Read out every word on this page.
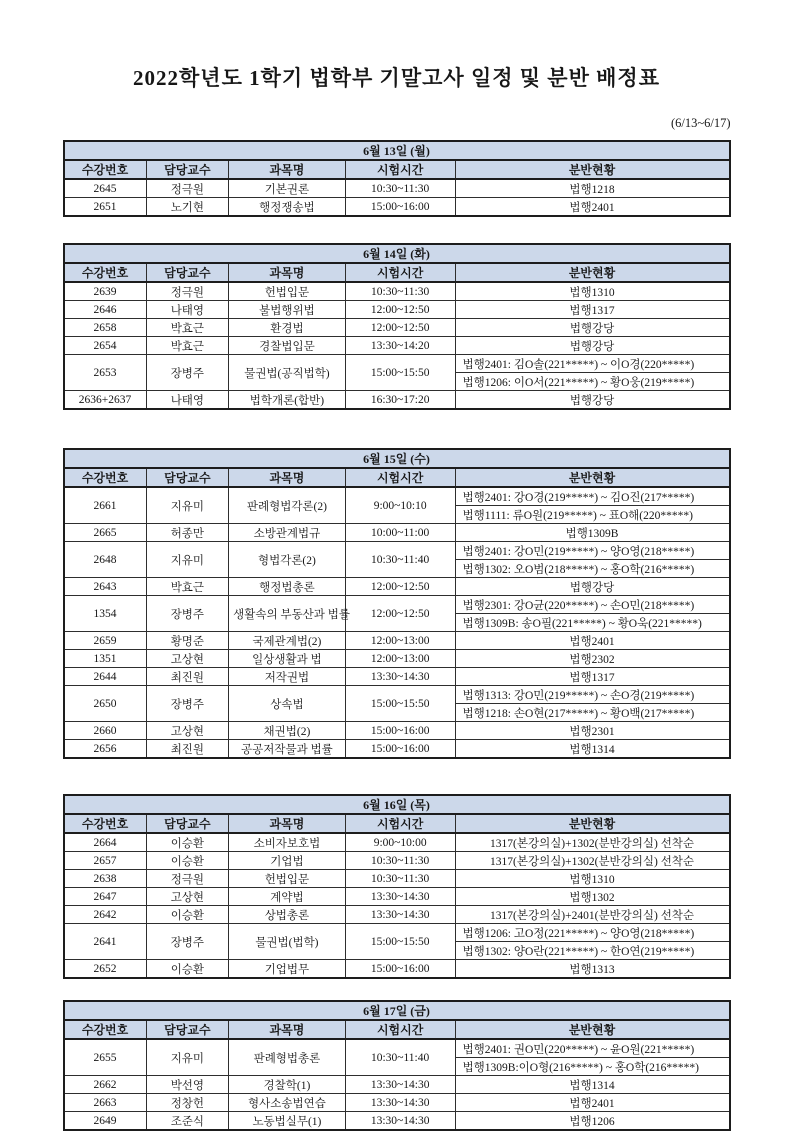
2022학년도 1학기 법학부 기말고사 일정 및 분반 배정표
(6/13~6/17)
6월 13일 (월)				
수강번호	담당교수	과목명	시험시간	분반현황
2645	정극원	기본권론	10:30~11:30	법행1218
2651	노기현	행정쟁송법	15:00~16:00	법행2401
6월 14일 (화)				
수강번호	담당교수	과목명	시험시간	분반현황
2639	정극원	헌법입문	10:30~11:30	법행1310
2646	나태영	불법행위법	12:00~12:50	법행1317
2658	박효근	환경법	12:00~12:50	법행강당
2654	박효근	경찰법입문	13:30~14:20	법행강당
2653	장병주	물권법(공직법학)	15:00~15:50	법행2401: 김O솔(221*****) ~ 이O경(220*****)
				법행1206: 이O서(221*****) ~ 황O웅(219*****)
2636+2637	나태영	법학개론(합반)	16:30~17:20	법행강당
6월 15일 (수)				
수강번호	담당교수	과목명	시험시간	분반현황
2661	지유미	판례형법각론(2)	9:00~10:10	법행2401: 강O경(219*****) ~ 김O진(217*****)
				법행1111: 류O원(219*****) ~ 표O해(220*****)
2665	허종만	소방관계법규	10:00~11:00	법행1309B
2648	지유미	형법각론(2)	10:30~11:40	법행2401: 강O민(219*****) ~ 양O영(218*****)
				법행1302: 오O범(218*****) ~ 홍O학(216*****)
2643	박효근	행정법총론	12:00~12:50	법행강당
1354	장병주	생활속의 부동산과 법률	12:00~12:50	법행2301: 강O균(220*****) ~ 손O민(218*****)
				법행1309B: 송O필(221*****) ~ 황O욱(221*****)
2659	황명준	국제관계법(2)	12:00~13:00	법행2401
1351	고상현	일상생활과 법	12:00~13:00	법행2302
2644	최진원	저작권법	13:30~14:30	법행1317
2650	장병주	상속법	15:00~15:50	법행1313: 강O민(219*****) ~ 손O경(219*****)
				법행1218: 손O현(217*****) ~ 황O백(217*****)
2660	고상현	채권법(2)	15:00~16:00	법행2301
2656	최진원	공공저작물과 법률	15:00~16:00	법행1314
6월 16일 (목)				
수강번호	담당교수	과목명	시험시간	분반현황
2664	이승환	소비자보호법	9:00~10:00	1317(본강의실)+1302(분반강의실) 선착순
2657	이승환	기업법	10:30~11:30	1317(본강의실)+1302(분반강의실) 선착순
2638	정극원	헌법입문	10:30~11:30	법행1310
2647	고상현	계약법	13:30~14:30	법행1302
2642	이승환	상법총론	13:30~14:30	1317(본강의실)+2401(분반강의실) 선착순
2641	장병주	물권법(법학)	15:00~15:50	법행1206: 고O정(221*****) ~ 양O영(218*****)
				법행1302: 양O란(221*****) ~ 한O연(219*****)
2652	이승환	기업법무	15:00~16:00	법행1313
6월 17일 (금)				
수강번호	담당교수	과목명	시험시간	분반현황
2655	지유미	판례형법총론	10:30~11:40	법행2401: 권O민(220*****) ~ 윤O원(221*****)
				법행1309B:이O형(216*****) ~ 홍O학(216*****)
2662	박선영	경찰학(1)	13:30~14:30	법행1314
2663	정창헌	형사소송법연습	13:30~14:30	법행2401
2649	조준식	노동법실무(1)	13:30~14:30	법행1206
